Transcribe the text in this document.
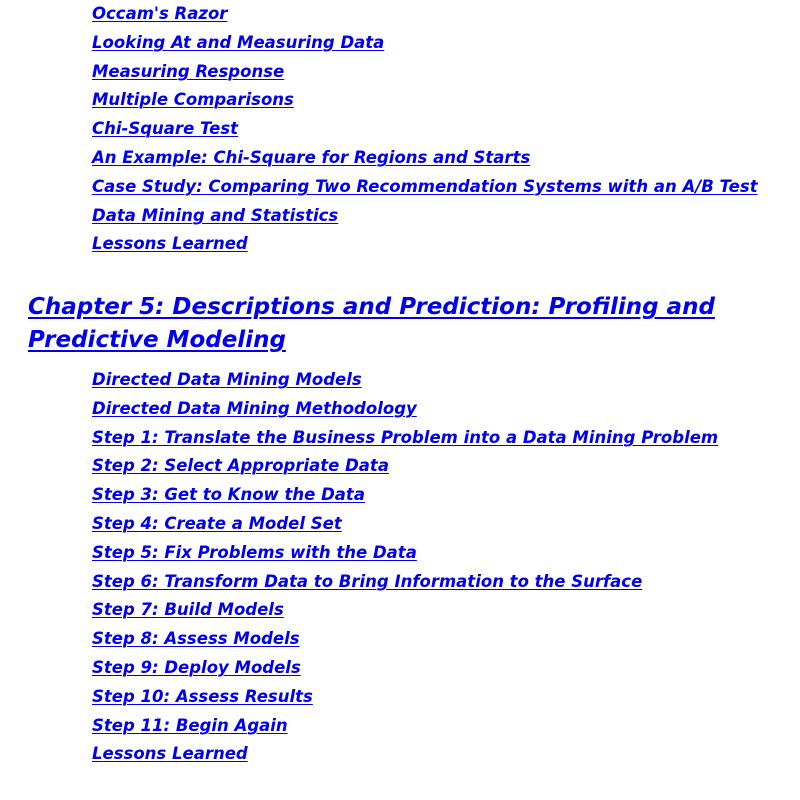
Occam's Razor
Looking At and Measuring Data
Measuring Response
Multiple Comparisons
Chi-Square Test
An Example: Chi-Square for Regions and Starts
Case Study: Comparing Two Recommendation Systems with an A/B Test
Data Mining and Statistics
Lessons Learned
Chapter 5: Descriptions and Prediction: Profiling and Predictive Modeling
Directed Data Mining Models
Directed Data Mining Methodology
Step 1: Translate the Business Problem into a Data Mining Problem
Step 2: Select Appropriate Data
Step 3: Get to Know the Data
Step 4: Create a Model Set
Step 5: Fix Problems with the Data
Step 6: Transform Data to Bring Information to the Surface
Step 7: Build Models
Step 8: Assess Models
Step 9: Deploy Models
Step 10: Assess Results
Step 11: Begin Again
Lessons Learned
